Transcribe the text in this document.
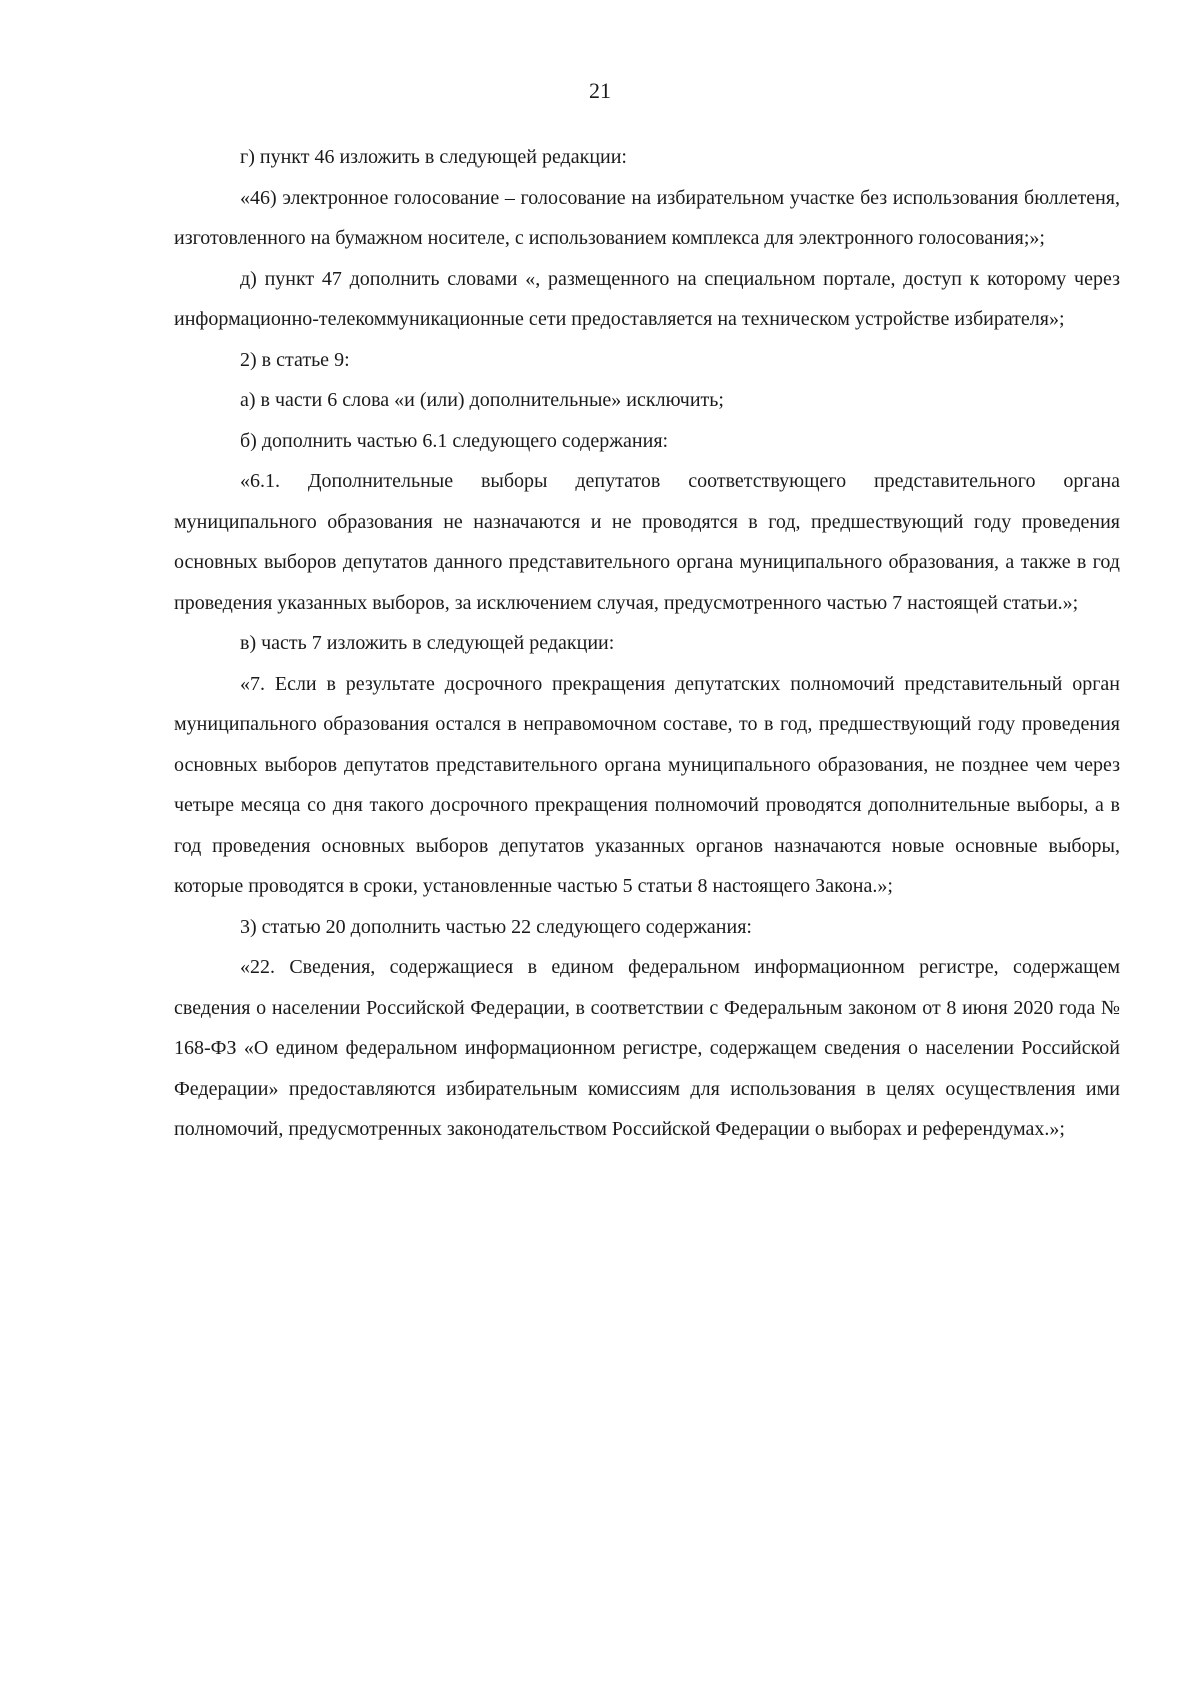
21

г) пункт 46 изложить в следующей редакции:

«46) электронное голосование – голосование на избирательном участке без использования бюллетеня, изготовленного на бумажном носителе, с использованием комплекса для электронного голосования;»;

д) пункт 47 дополнить словами «, размещенного на специальном портале, доступ к которому через информационно-телекоммуникационные сети предоставляется на техническом устройстве избирателя»;

2) в статье 9:

а) в части 6 слова «и (или) дополнительные» исключить;

б) дополнить частью 6.1 следующего содержания:

«6.1. Дополнительные выборы депутатов соответствующего представительного органа муниципального образования не назначаются и не проводятся в год, предшествующий году проведения основных выборов депутатов данного представительного органа муниципального образования, а также в год проведения указанных выборов, за исключением случая, предусмотренного частью 7 настоящей статьи.»;

в) часть 7 изложить в следующей редакции:

«7. Если в результате досрочного прекращения депутатских полномочий представительный орган муниципального образования остался в неправомочном составе, то в год, предшествующий году проведения основных выборов депутатов представительного органа муниципального образования, не позднее чем через четыре месяца со дня такого досрочного прекращения полномочий проводятся дополнительные выборы, а в год проведения основных выборов депутатов указанных органов назначаются новые основные выборы, которые проводятся в сроки, установленные частью 5 статьи 8 настоящего Закона.»;

3) статью 20 дополнить частью 22 следующего содержания:

«22. Сведения, содержащиеся в едином федеральном информационном регистре, содержащем сведения о населении Российской Федерации, в соответствии с Федеральным законом от 8 июня 2020 года № 168-ФЗ «О едином федеральном информационном регистре, содержащем сведения о населении Российской Федерации» предоставляются избирательным комиссиям для использования в целях осуществления ими полномочий, предусмотренных законодательством Российской Федерации о выборах и референдумах.»;
